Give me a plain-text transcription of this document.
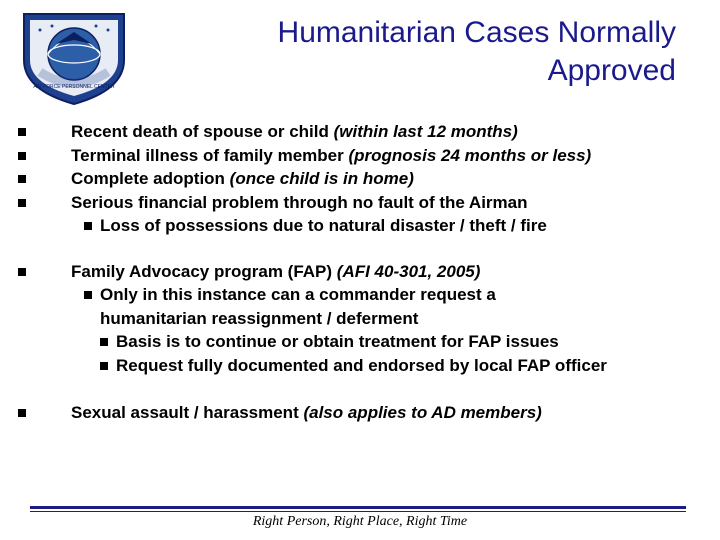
AIR FORCE PERSONNEL CENTER
Humanitarian Cases Normally
Approved
Recent death of spouse or child (within last 12 months)
Terminal illness of family member (prognosis 24 months or less)
Complete adoption (once child is in home)
Serious financial problem through no fault of the Airman
Loss of possessions due to natural disaster / theft / fire
Family Advocacy program (FAP) (AFI 40-301, 2005)
Only in this instance can a commander request a humanitarian reassignment / deferment
Basis is to continue or obtain treatment for FAP issues
Request fully documented and endorsed by local FAP officer
Sexual assault / harassment (also applies to AD members)
Right Person, Right Place, Right Time
